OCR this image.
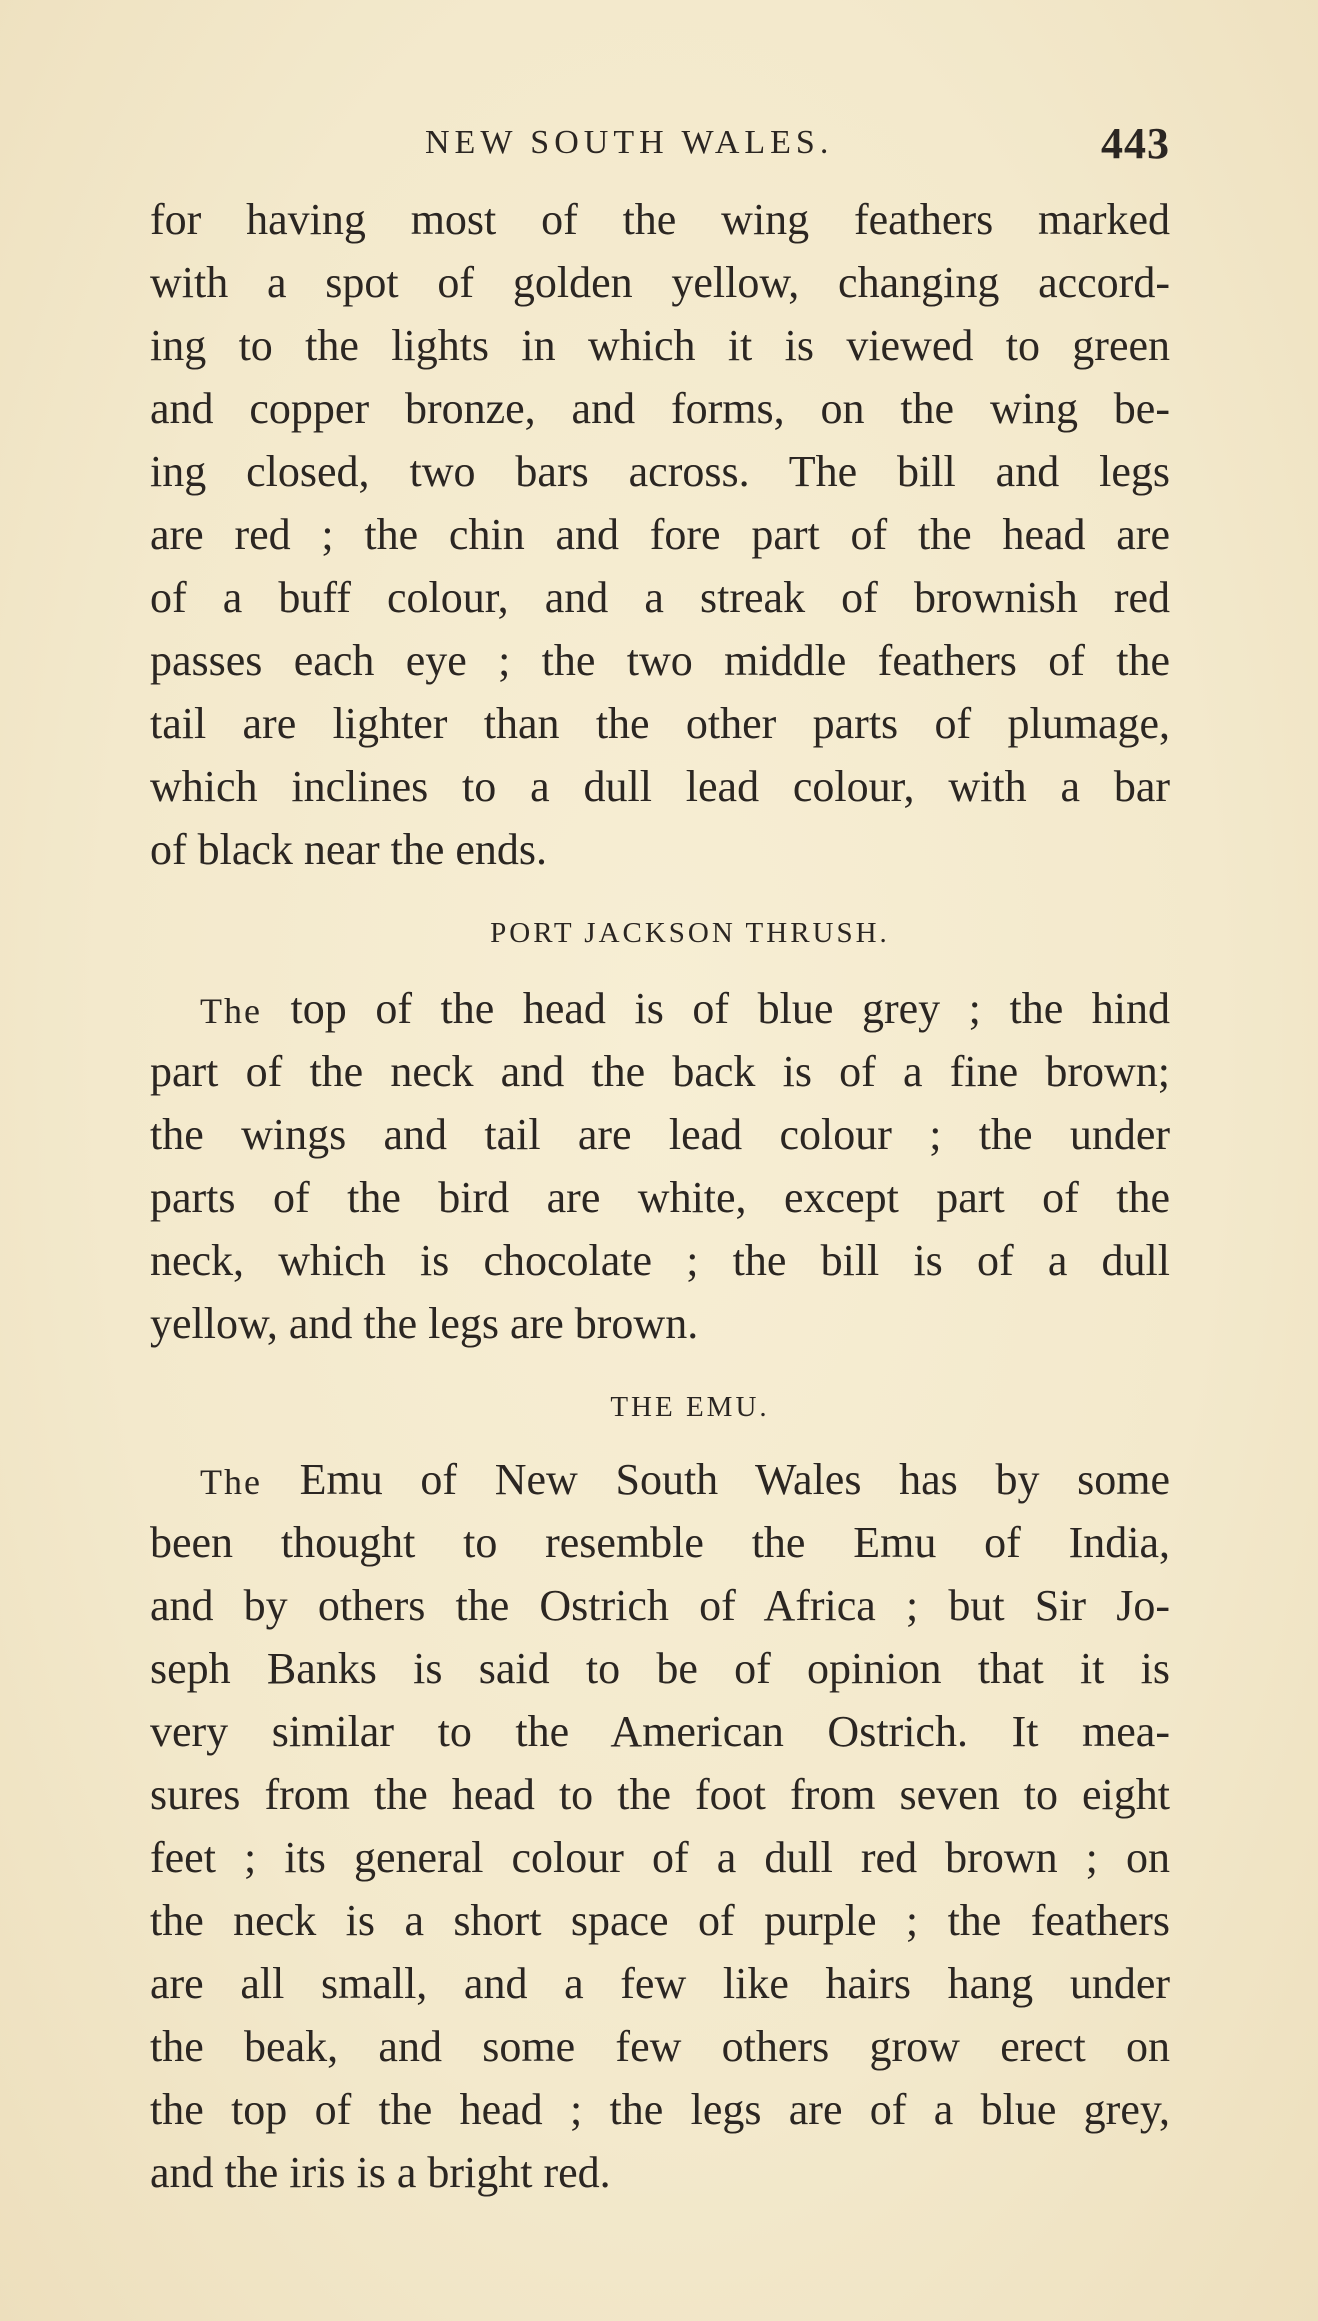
NEW SOUTH WALES.	443
for having most of the wing feathers marked
with a spot of golden yellow, changing accord-
ing to the lights in which it is viewed to green
and copper bronze, and forms, on the wing be-
ing closed, two bars across. The bill and legs
are red ; the chin and fore part of the head are
of a buff colour, and a streak of brownish red
passes each eye ; the two middle feathers of the
tail are lighter than the other parts of plumage,
which inclines to a dull lead colour, with a bar
of black near the ends.
PORT JACKSON THRUSH.
The top of the head is of blue grey ; the hind
part of the neck and the back is of a fine brown;
the wings and tail are lead colour ; the under
parts of the bird are white, except part of the
neck, which is chocolate ; the bill is of a dull
yellow, and the legs are brown.
THE EMU.
The Emu of New South Wales has by some
been thought to resemble the Emu of India,
and by others the Ostrich of Africa ; but Sir Jo-
seph Banks is said to be of opinion that it is
very similar to the American Ostrich. It mea-
sures from the head to the foot from seven to eight
feet ; its general colour of a dull red brown ; on
the neck is a short space of purple ; the feathers
are all small, and a few like hairs hang under
the beak, and some few others grow erect on
the top of the head ; the legs are of a blue grey,
and the iris is a bright red.
